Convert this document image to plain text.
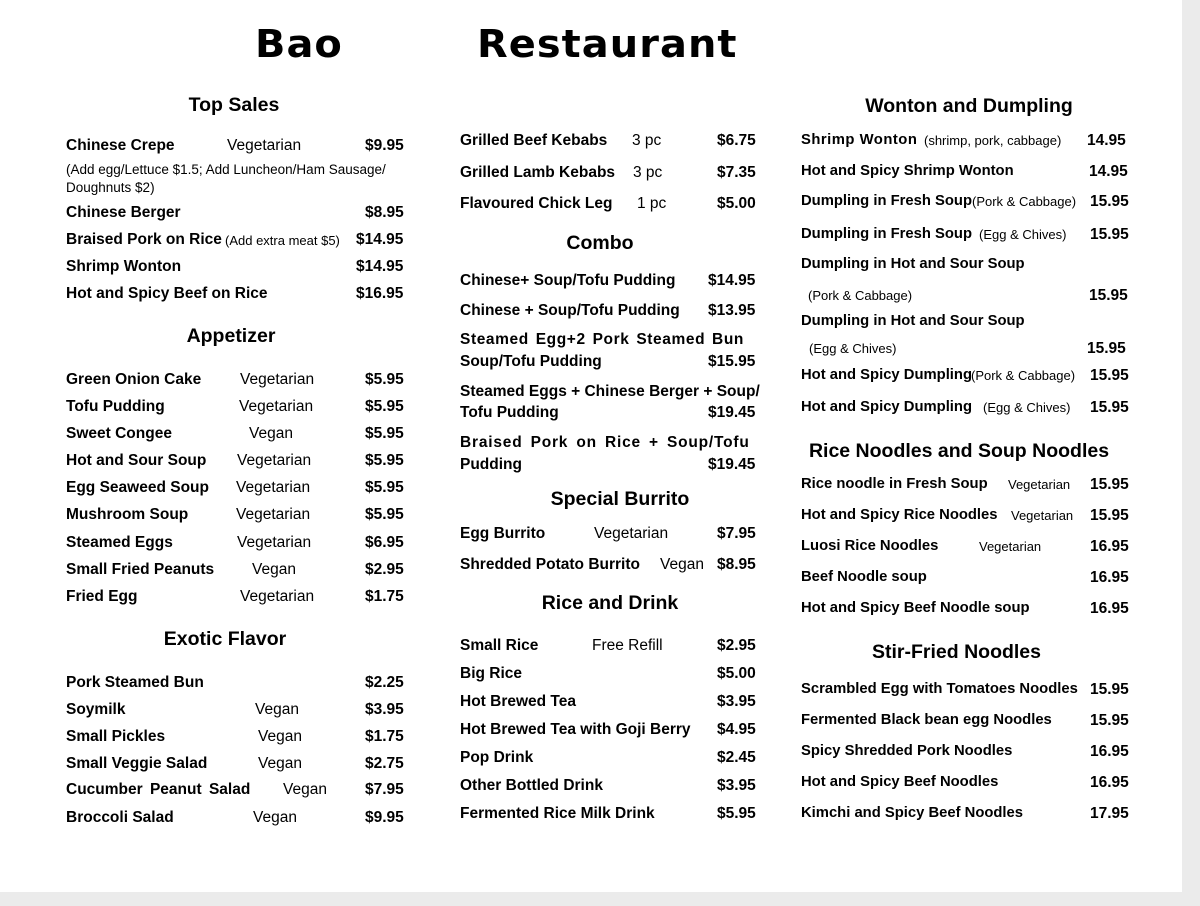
Bao	Restaurant
Top Sales
Chinese Crepe	Vegetarian	$9.95
(Add egg/Lettuce $1.5; Add Luncheon/Ham Sausage/
Doughnuts $2)
Chinese Berger	$8.95
Braised Pork on Rice (Add extra meat $5) $14.95
Shrimp Wonton	$14.95
Hot and Spicy Beef on Rice	$16.95
Appetizer
Green Onion Cake	Vegetarian	$5.95
Tofu Pudding	Vegetarian	$5.95
Sweet Congee	Vegan	$5.95
Hot and Sour Soup Vegetarian	$5.95
Egg Seaweed Soup Vegetarian	$5.95
Mushroom Soup	Vegetarian	$5.95
Steamed Eggs	Vegetarian	$6.95
Small Fried Peanuts Vegan	$2.95
Fried Egg	Vegetarian	$1.75
Exotic Flavor
Pork Steamed Bun	$2.25
Soymilk	Vegan	$3.95
Small Pickles	Vegan	$1.75
Small Veggie Salad	Vegan	$2.75
Cucumber Peanut Salad Vegan $7.95
Broccoli Salad	Vegan	$9.95
Grilled Beef Kebabs 3 pc	$6.75
Grilled Lamb Kebabs 3 pc	$7.35
Flavoured Chick Leg 1 pc	$5.00
Combo
Chinese+ Soup/Tofu Pudding $14.95
Chinese + Soup/Tofu Pudding $13.95
Steamed Egg+2 Pork Steamed Bun
Soup/Tofu Pudding	$15.95
Steamed Eggs + Chinese Berger + Soup/
Tofu Pudding	$19.45
Braised Pork on Rice + Soup/Tofu
Pudding	$19.45
Special Burrito
Egg Burrito	Vegetarian	$7.95
Shredded Potato Burrito Vegan $8.95
Rice and Drink
Small Rice	Free Refill	$2.95
Big Rice	$5.00
Hot Brewed Tea	$3.95
Hot Brewed Tea with Goji Berry $4.95
Pop Drink	$2.45
Other Bottled Drink	$3.95
Fermented Rice Milk Drink	$5.95
Wonton and Dumpling
Shrimp Wonton (shrimp, pork, cabbage) 14.95
Hot and Spicy Shrimp Wonton	14.95
Dumpling in Fresh Soup (Pork & Cabbage) 15.95
Dumpling in Fresh Soup (Egg & Chives) 15.95
Dumpling in Hot and Sour Soup
(Pork & Cabbage)	15.95
Dumpling in Hot and Sour Soup
(Egg & Chives)	15.95
Hot and Spicy Dumpling (Pork & Cabbage) 15.95
Hot and Spicy Dumpling (Egg & Chives) 15.95
Rice Noodles and Soup Noodles
Rice noodle in Fresh Soup Vegetarian 15.95
Hot and Spicy Rice Noodles Vegetarian 15.95
Luosi Rice Noodles	Vegetarian	16.95
Beef Noodle soup	16.95
Hot and Spicy Beef Noodle soup	16.95
Stir-Fried Noodles
Scrambled Egg with Tomatoes Noodles 15.95
Fermented Black bean egg Noodles 15.95
Spicy Shredded Pork Noodles	16.95
Hot and Spicy Beef Noodles	16.95
Kimchi and Spicy Beef Noodles	17.95
